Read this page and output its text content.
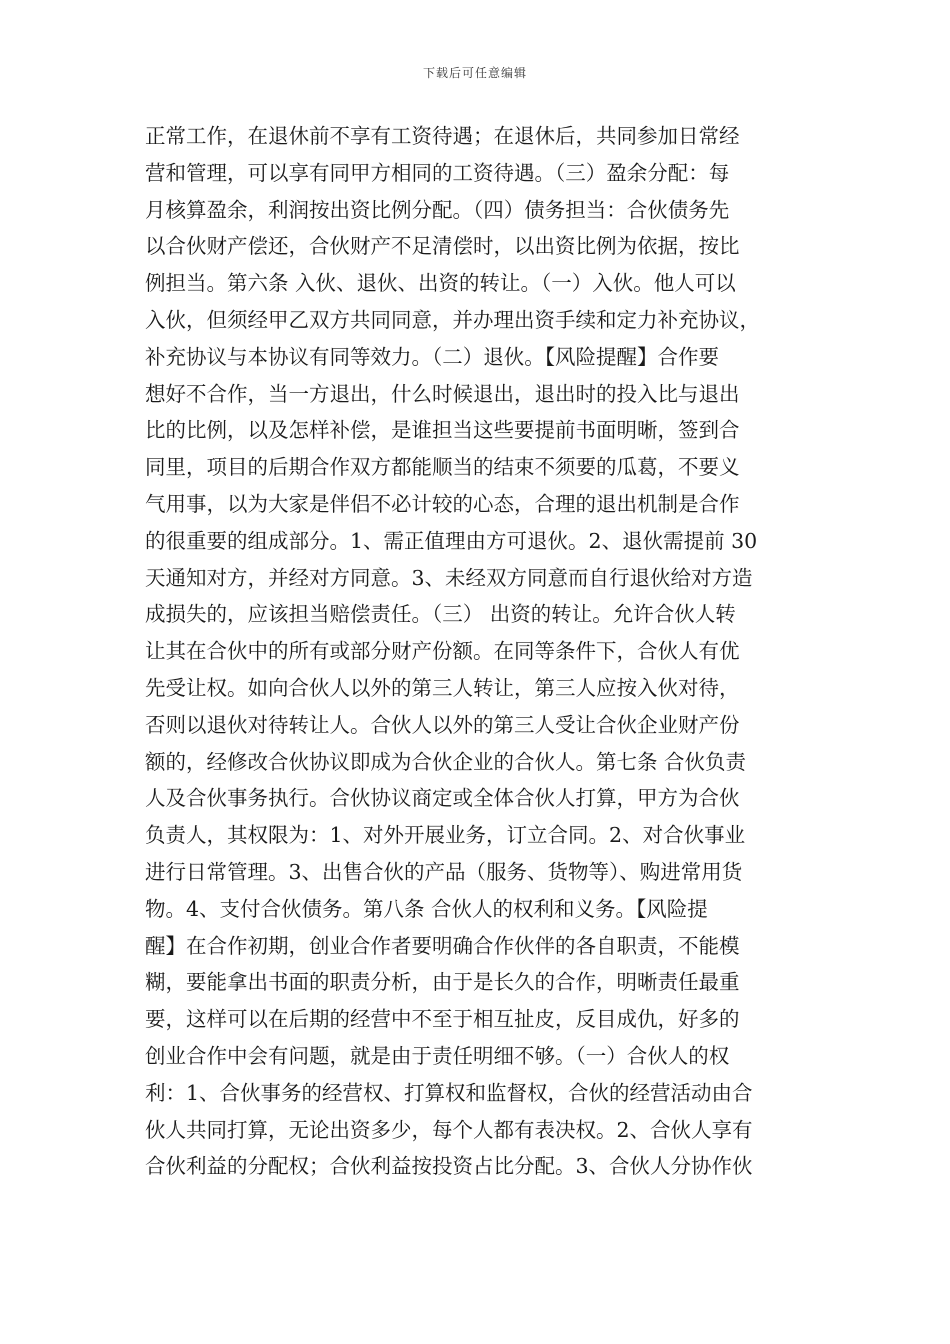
下载后可任意编辑
正常工作，在退休前不享有工资待遇；在退休后，共同参加日常经
营和管理，可以享有同甲方相同的工资待遇。（三）盈余分配：每
月核算盈余，利润按出资比例分配。（四）债务担当：合伙债务先
以合伙财产偿还，合伙财产不足清偿时，以出资比例为依据，按比
例担当。第六条 入伙、退伙、出资的转让。（一）入伙。他人可以
入伙，但须经甲乙双方共同同意，并办理出资手续和定力补充协议，
补充协议与本协议有同等效力。（二）退伙。【风险提醒】合作要
想好不合作，当一方退出，什么时候退出，退出时的投入比与退出
比的比例，以及怎样补偿，是谁担当这些要提前书面明晰，签到合
同里，项目的后期合作双方都能顺当的结束不须要的瓜葛，不要义
气用事，以为大家是伴侣不必计较的心态，合理的退出机制是合作
的很重要的组成部分。1、需正值理由方可退伙。2、退伙需提前 30
天通知对方，并经对方同意。3、未经双方同意而自行退伙给对方造
成损失的，应该担当赔偿责任。（三） 出资的转让。允许合伙人转
让其在合伙中的所有或部分财产份额。在同等条件下，合伙人有优
先受让权。如向合伙人以外的第三人转让，第三人应按入伙对待，
否则以退伙对待转让人。合伙人以外的第三人受让合伙企业财产份
额的，经修改合伙协议即成为合伙企业的合伙人。第七条 合伙负责
人及合伙事务执行。合伙协议商定或全体合伙人打算，甲方为合伙
负责人，其权限为：1、对外开展业务，订立合同。2、对合伙事业
进行日常管理。3、出售合伙的产品（服务、货物等）、购进常用货
物。4、支付合伙债务。第八条 合伙人的权利和义务。【风险提
醒】在合作初期，创业合作者要明确合作伙伴的各自职责，不能模
糊，要能拿出书面的职责分析，由于是长久的合作，明晰责任最重
要，这样可以在后期的经营中不至于相互扯皮，反目成仇，好多的
创业合作中会有问题，就是由于责任明细不够。（一）合伙人的权
利：1、合伙事务的经营权、打算权和监督权，合伙的经营活动由合
伙人共同打算，无论出资多少，每个人都有表决权。2、合伙人享有
合伙利益的分配权；合伙利益按投资占比分配。3、合伙人分协作伙
